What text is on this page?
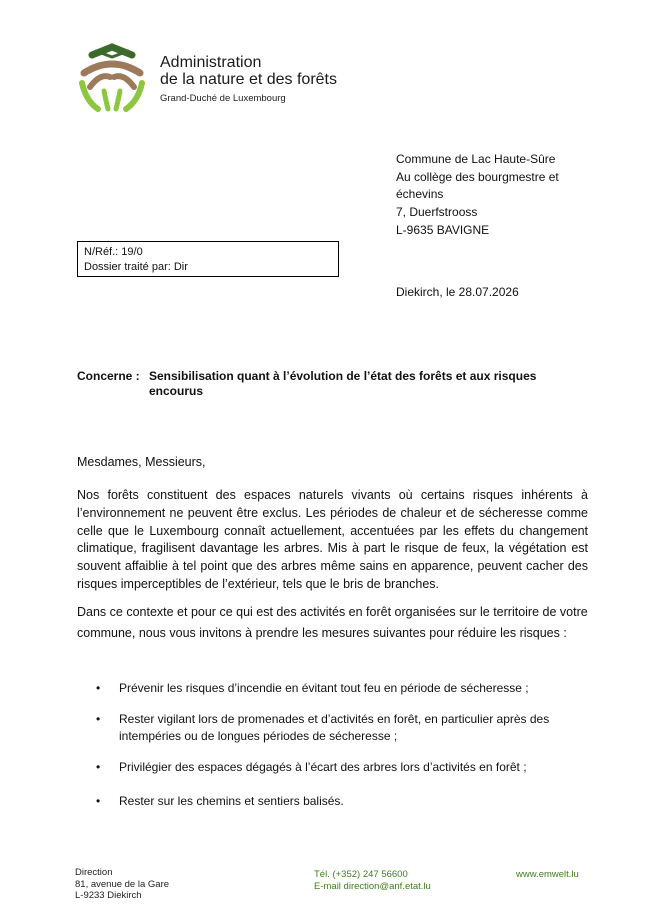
Administration
de la nature et des forêts
Grand-Duché de Luxembourg
Commune de Lac Haute-Sûre
Au collège des bourgmestre et
échevins
7, Duerfstrooss
L-9635 BAVIGNE
N/Réf.: 19/0
Dossier traité par: Dir
Diekirch, le 28.07.2026
Concerne : Sensibilisation quant à l’évolution de l’état des forêts et aux risques encourus
Mesdames, Messieurs,
Nos forêts constituent des espaces naturels vivants où certains risques inhérents à l’environnement ne peuvent être exclus. Les périodes de chaleur et de sécheresse comme celle que le Luxembourg connaît actuellement, accentuées par les effets du changement climatique, fragilisent davantage les arbres. Mis à part le risque de feux, la végétation est souvent affaiblie à tel point que des arbres même sains en apparence, peuvent cacher des risques imperceptibles de l’extérieur, tels que le bris de branches.
Dans ce contexte et pour ce qui est des activités en forêt organisées sur le territoire de votre commune, nous vous invitons à prendre les mesures suivantes pour réduire les risques :
• Prévenir les risques d’incendie en évitant tout feu en période de sécheresse ;
• Rester vigilant lors de promenades et d’activités en forêt, en particulier après des intempéries ou de longues périodes de sécheresse ;
• Privilégier des espaces dégagés à l’écart des arbres lors d’activités en forêt ;
• Rester sur les chemins et sentiers balisés.
Direction
81, avenue de la Gare
L-9233 Diekirch
Tél. (+352) 247 56600
E-mail direction@anf.etat.lu
www.emwelt.lu
